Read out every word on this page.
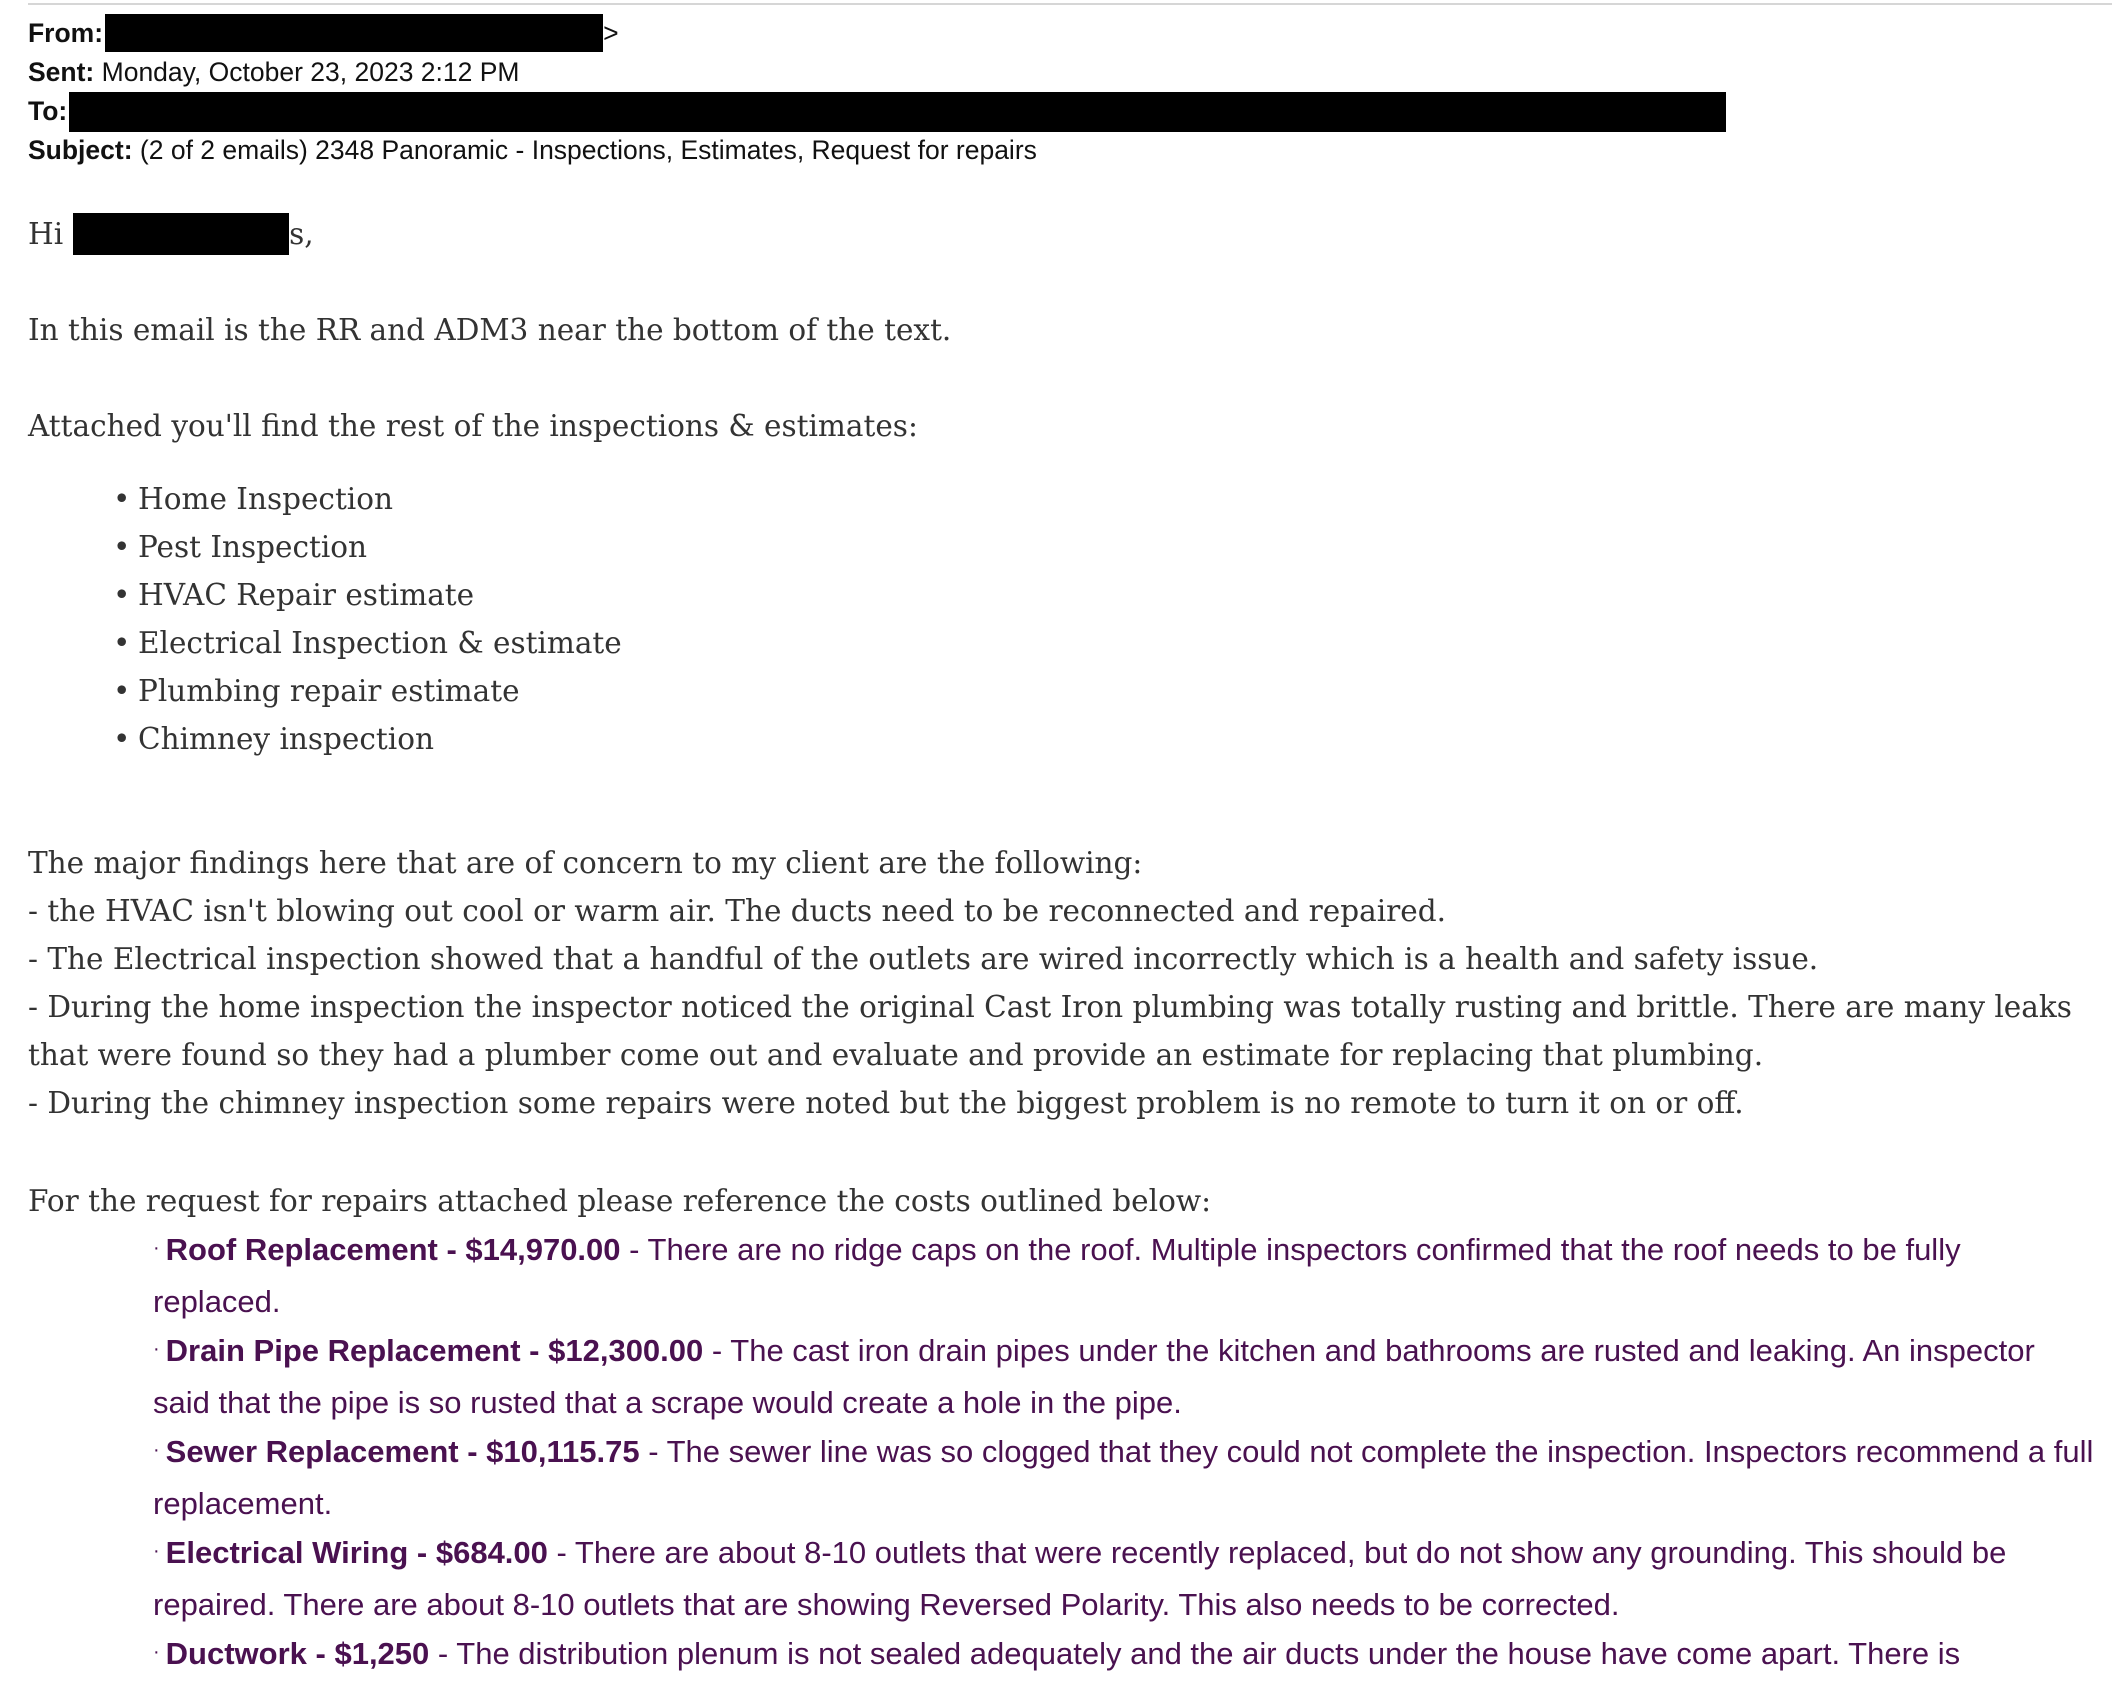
From:	>
Sent: Monday, October 23, 2023 2:12 PM
To:
Subject: (2 of 2 emails) 2348 Panoramic - Inspections, Estimates, Request for repairs
Hi	s,
In this email is the RR and ADM3 near the bottom of the text.
Attached you'll find the rest of the inspections & estimates:
• Home Inspection
• Pest Inspection
• HVAC Repair estimate
• Electrical Inspection & estimate
• Plumbing repair estimate
• Chimney inspection
The major findings here that are of concern to my client are the following:
- the HVAC isn't blowing out cool or warm air. The ducts need to be reconnected and repaired.
- The Electrical inspection showed that a handful of the outlets are wired incorrectly which is a health and safety issue.
- During the home inspection the inspector noticed the original Cast Iron plumbing was totally rusting and brittle. There are many leaks that were found so they had a plumber come out and evaluate and provide an estimate for replacing that plumbing.
- During the chimney inspection some repairs were noted but the biggest problem is no remote to turn it on or off.
For the request for repairs attached please reference the costs outlined below:
· Roof Replacement - $14,970.00 - There are no ridge caps on the roof. Multiple inspectors confirmed that the roof needs to be fully replaced.
· Drain Pipe Replacement - $12,300.00 - The cast iron drain pipes under the kitchen and bathrooms are rusted and leaking. An inspector said that the pipe is so rusted that a scrape would create a hole in the pipe.
· Sewer Replacement - $10,115.75 - The sewer line was so clogged that they could not complete the inspection. Inspectors recommend a full replacement.
· Electrical Wiring - $684.00 - There are about 8-10 outlets that were recently replaced, but do not show any grounding. This should be repaired. There are about 8-10 outlets that are showing Reversed Polarity. This also needs to be corrected.
· Ductwork - $1,250 - The distribution plenum is not sealed adequately and the air ducts under the house have come apart. There is
